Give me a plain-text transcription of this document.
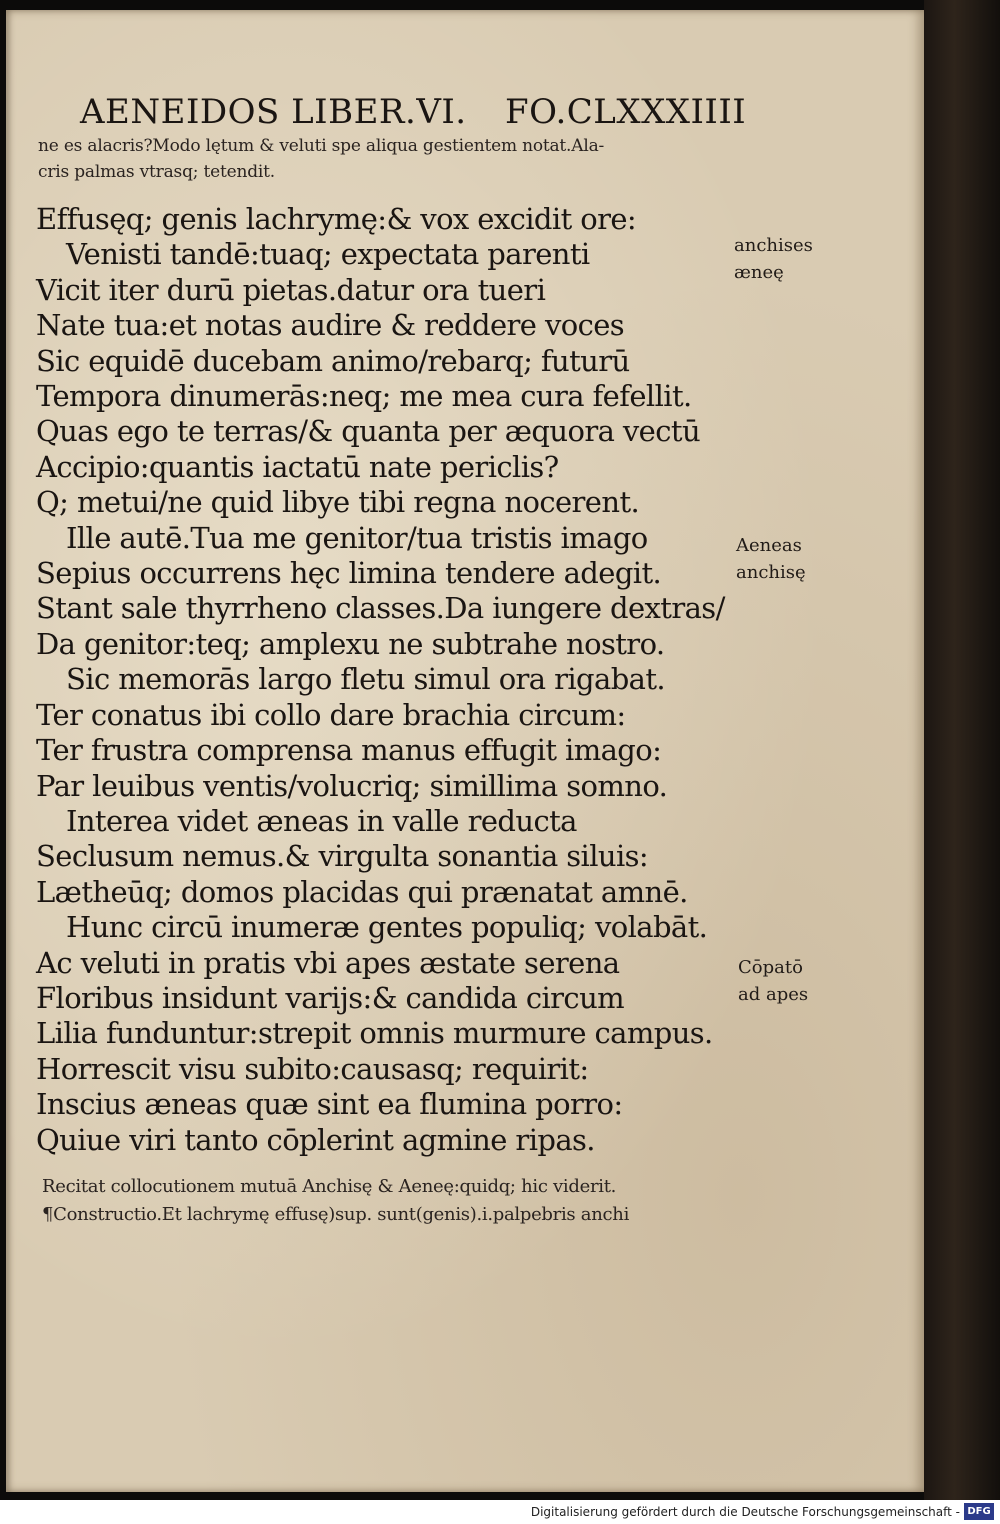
AENEIDOS LIBER.VI. FO.CLXXXIIII
ne es alacris?Modo lętum & veluti spe aliqua gestientem notat.Ala-
cris palmas vtrasq; tetendit.
Effusęq; genis lachrymę:& vox excidit ore:
Venisti tandē:tuaq; expectata parenti
Vicit iter durū pietas.datur ora tueri
Nate tua:et notas audire & reddere voces
Sic equidē ducebam animo/rebarq; futurū
Tempora dinumerās:neq; me mea cura fefellit.
Quas ego te terras/& quanta per æquora vectū
Accipio:quantis iactatū nate periclis?
Q; metui/ne quid libye tibi regna nocerent.
Ille autē.Tua me genitor/tua tristis imago
Sepius occurrens hęc limina tendere adegit.
Stant sale thyrrheno classes.Da iungere dextras/
Da genitor:teq; amplexu ne subtrahe nostro.
Sic memorās largo fletu simul ora rigabat.
Ter conatus ibi collo dare brachia circum:
Ter frustra comprensa manus effugit imago:
Par leuibus ventis/volucriq; simillima somno.
Interea videt æneas in valle reducta
Seclusum nemus.& virgulta sonantia siluis:
Lætheūq; domos placidas qui prænatat amnē.
Hunc circū inumeræ gentes populiq; volabāt.
Ac veluti in pratis vbi apes æstate serena
Floribus insidunt varijs:& candida circum
Lilia funduntur:strepit omnis murmure campus.
Horrescit visu subito:causasq; requirit:
Inscius æneas quæ sint ea flumina porro:
Quiue viri tanto cōplerint agmine ripas.
anchises
æneę
Aeneas
anchisę
Cōpatō
ad apes
Recitat collocutionem mutuā Anchisę & Aeneę:quidq; hic viderit.
¶Constructio.Et lachrymę effusę)sup. sunt(genis).i.palpebris anchi
Digitalisierung gefördert durch die Deutsche Forschungsgemeinschaft - DFG
